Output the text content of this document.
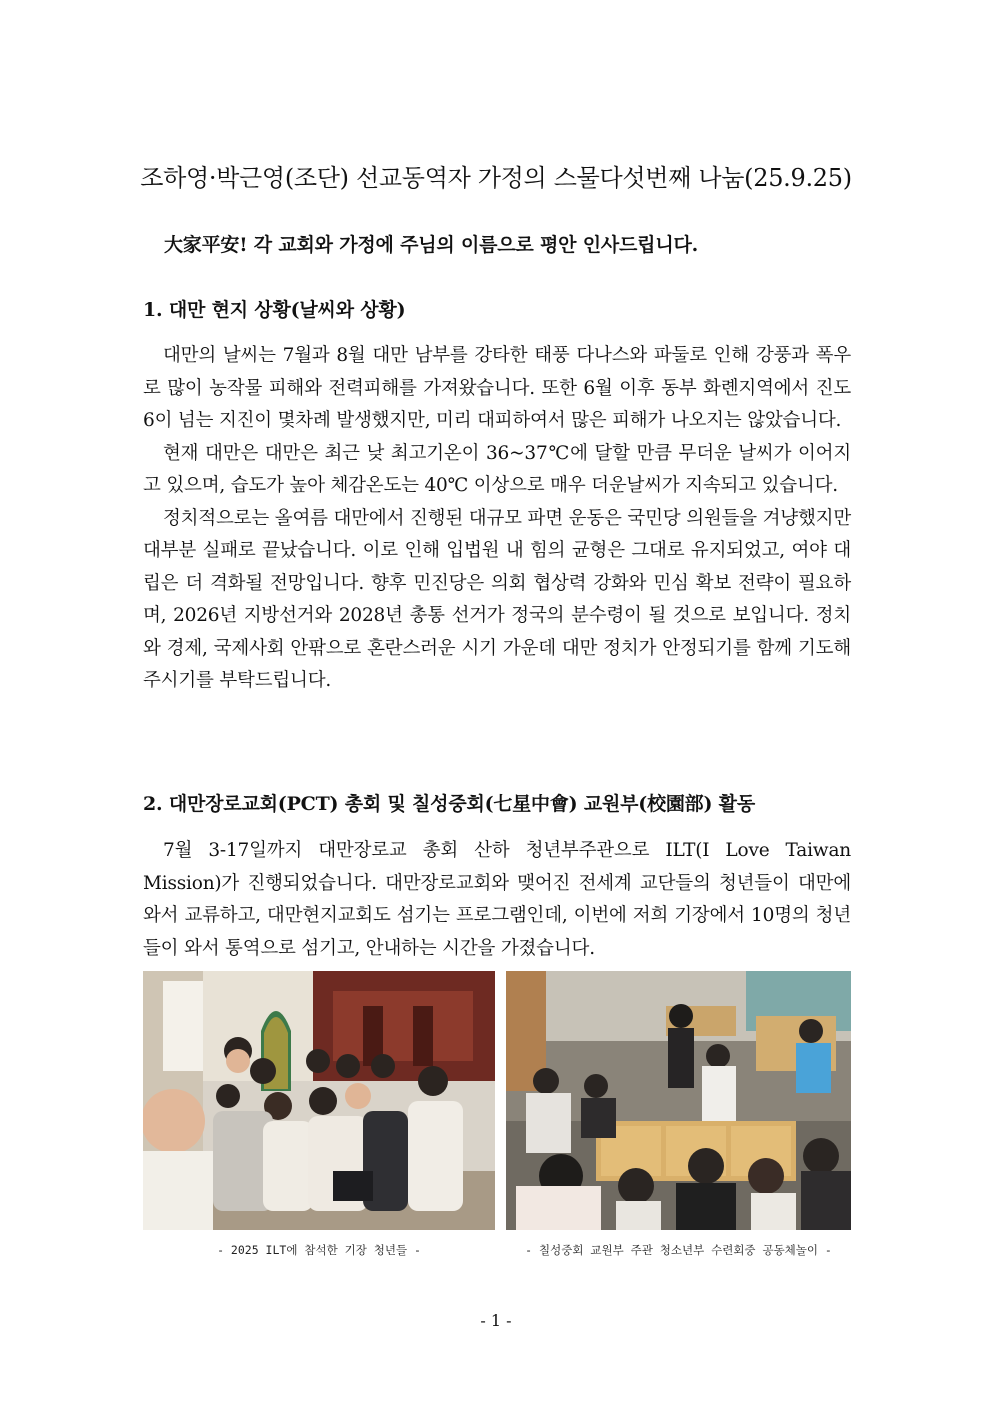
조하영·박근영(조단) 선교동역자 가정의 스물다섯번째 나눔(25.9.25)
大家平安! 각 교회와 가정에 주님의 이름으로 평안 인사드립니다.
1. 대만 현지 상황(날씨와 상황)

대만의 날씨는 7월과 8월 대만 남부를 강타한 태풍 다나스와 파둘로 인해 강풍과 폭우로 많이 농작물 피해와 전력피해를 가져왔습니다. 또한 6월 이후 동부 화롄지역에서 진도 6이 넘는 지진이 몇차례 발생했지만, 미리 대피하여서 많은 피해가 나오지는 않았습니다.

현재 대만은 대만은 최근 낮 최고기온이 36~37℃에 달할 만큼 무더운 날씨가 이어지고 있으며, 습도가 높아 체감온도는 40℃ 이상으로 매우 더운날씨가 지속되고 있습니다.

정치적으로는 올여름 대만에서 진행된 대규모 파면 운동은 국민당 의원들을 겨냥했지만 대부분 실패로 끝났습니다. 이로 인해 입법원 내 힘의 균형은 그대로 유지되었고, 여야 대립은 더 격화될 전망입니다. 향후 민진당은 의회 협상력 강화와 민심 확보 전략이 필요하며, 2026년 지방선거와 2028년 총통 선거가 정국의 분수령이 될 것으로 보입니다. 정치와 경제, 국제사회 안팎으로 혼란스러운 시기 가운데 대만 정치가 안정되기를 함께 기도해주시기를 부탁드립니다.

2. 대만장로교회(PCT) 총회 및 칠성중회(七星中會) 교원부(校園部) 활동

7월 3-17일까지 대만장로교 총회 산하 청년부주관으로 ILT(I Love Taiwan Mission)가 진행되었습니다. 대만장로교회와 맺어진 전세계 교단들의 청년들이 대만에 와서 교류하고, 대만현지교회도 섬기는 프로그램인데, 이번에 저희 기장에서 10명의 청년들이 와서 통역으로 섬기고, 안내하는 시간을 가졌습니다.

- 2025 ILT에 참석한 기장 청년들 -	- 칠성중회 교원부 주관 청소년부 수련회중 공동체놀이 -
- 1 -
